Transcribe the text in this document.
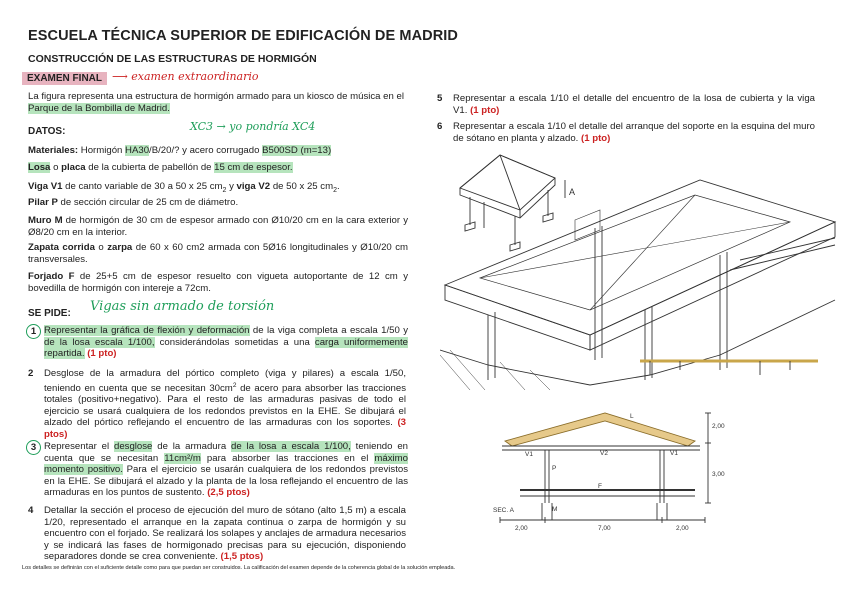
ESCUELA TÉCNICA SUPERIOR DE EDIFICACIÓN DE MADRID
CONSTRUCCIÓN DE LAS ESTRUCTURAS DE HORMIGÓN
EXAMEN FINAL ⟶ examen extraordinario
La figura representa una estructura de hormigón armado para un kiosco de música en el Parque de la Bombilla de Madrid.
DATOS:	XC3 → yo pondría XC4
Materiales: Hormigón HA30/B/20/? y acero corrugado B500SD (m=13)
Losa o placa de la cubierta de pabellón de 15 cm de espesor.
Viga V1 de canto variable de 30 a 50 x 25 $cm_2$ y viga V2 de 50 x 25 $cm_2$.
Pilar P de sección circular de 25 cm de diámetro.
Muro M de hormigón de 30 cm de espesor armado con Ø10/20 cm en la cara exterior y Ø8/20 cm en la interior.
Zapata corrida o zarpa de 60 x 60 cm2 armada con 5Ø16 longitudinales y Ø10/20 cm transversales.
Forjado F de 25+5 cm de espesor resuelto con vigueta autoportante de 12 cm y bovedilla de hormigón con intereje a 72cm.
SE PIDE: Vigas sin armado de torsión
1 Representar la gráfica de flexión y deformación de la viga completa a escala 1/50 y de la losa escala 1/100, considerándolas sometidas a una carga uniformemente repartida. (1 pto)
2 Desglose de la armadura del pórtico completo (viga y pilares) a escala 1/50, teniendo en cuenta que se necesitan $30cm^2$ de acero para absorber las tracciones totales (positivo+negativo). Para el resto de las armaduras pasivas de todo el ejercicio se usará cualquiera de los redondos previstos en la EHE. Se dibujará el alzado del pórtico reflejando el encuentro de las armaduras con los soportes. (3 ptos)
3 Representar el desglose de la armadura de la losa a escala 1/100, teniendo en cuenta que se necesitan 11cm²/m para absorber las tracciones en el máximo momento positivo. Para el ejercicio se usarán cualquiera de los redondos previstos en la EHE. Se dibujará el alzado y la planta de la losa reflejando el encuentro de las armaduras en los puntos de sustento. (2,5 ptos)
4 Detallar la sección el proceso de ejecución del muro de sótano (alto 1,5 m) a escala 1/20, representado el arranque en la zapata continua o zarpa de hormigón y su encuentro con el forjado. Se realizará los solapes y anclajes de armadura necesarios y se indicará las fases de hormigonado precisas para su ejecución, disponiendo separadores donde se crea conveniente. (1,5 ptos)
Los detalles se definirán con el suficiente detalle como para que puedan ser construidos. La calificación del examen depende de la coherencia global de la solución empleada.
5 Representar a escala 1/10 el detalle del encuentro de la losa de cubierta y la viga V1. (1 pto)
6 Representar a escala 1/10 el detalle del arranque del soporte en la esquina del muro de sótano en planta y alzado. (1 pto)
A
L
V1	V2	V1
P
F
M
SEC. A
2,00
3,00
2,00	7,00	2,00
